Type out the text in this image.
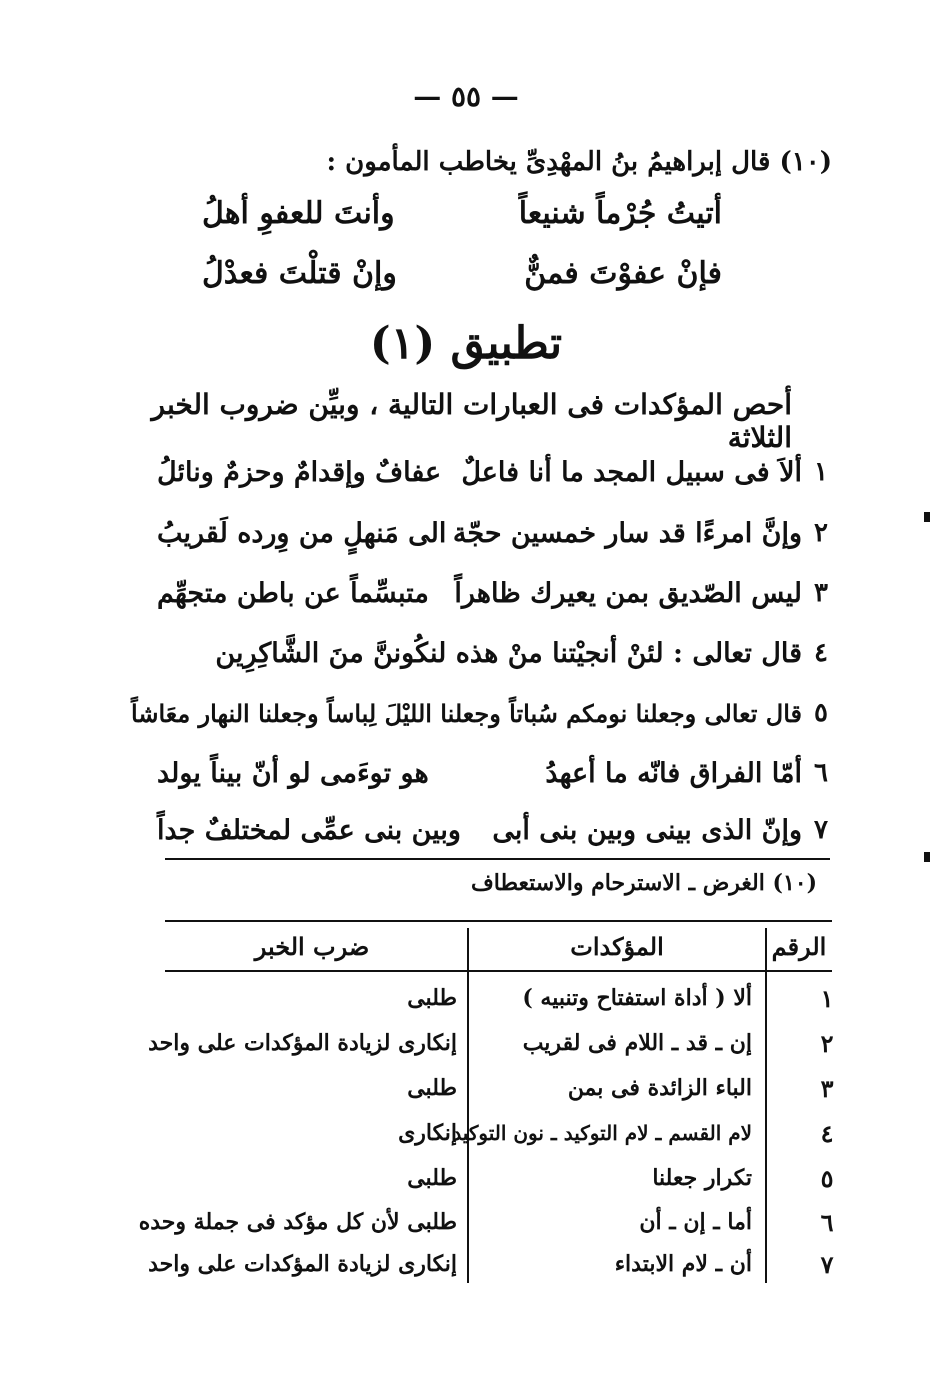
— ٥٥ —
(١٠) قال إبراهيمُ بنُ المهْدِىِّ يخاطب المأمون :
أتيتُ جُرْماً شنيعاً
وأنتَ للعفوِ أهلُ
فإنْ عفوْتَ فمنٌّ
وإنْ قتلْتَ فعدْلُ
تطبيق (١)
أحص المؤكدات فى العبارات التالية ، وبيِّن ضروب الخبر الثلاثة
١
ألاَ فى سبيل المجد ما أنا فاعلٌ
عفافٌ وإقدامٌ وحزمٌ ونائلُ
٢
وإنَّ امرءًا قد سار خمسين حجّة
الى مَنهلٍ من وِرده لَقريبُ
٣
ليس الصّديق بمن يعيرك ظاهراً
متبسِّماً عن باطن متجهِّم
٤
قال تعالى : لئنْ أنجيْتنا منْ هذه لنكُوننَّ منَ الشَّاكِرِين
٥
قال تعالى وجعلنا نومكم سُباتاً وجعلنا الليْلَ لِباساً وجعلنا النهار معَاشاً
٦
أمّا الفراق فانّه ما أعهدُ
هو توءَمى لو أنّ بيناً يولد
٧
وإنّ الذى بينى وبين بنى أبى
وبين بنى عمِّى لمختلفٌ جداً
(١٠) الغرض ـ الاسترحام والاستعطاف
الرقم
المؤكدات
ضرب الخبر
١
ألا ( أداة استفتاح وتنبيه )
طلبى
٢
إن ـ قد ـ اللام فى لقريب
إنكارى لزيادة المؤكدات على واحد
٣
الباء الزائدة فى بمن
طلبى
٤
لام القسم ـ لام التوكيد ـ نون التوكيد
إنكارى
٥
تكرار جعلنا
طلبى
٦
أما ـ إن ـ أن
طلبى لأن كل مؤكد فى جملة وحده
٧
أن ـ لام الابتداء
إنكارى لزيادة المؤكدات على واحد
